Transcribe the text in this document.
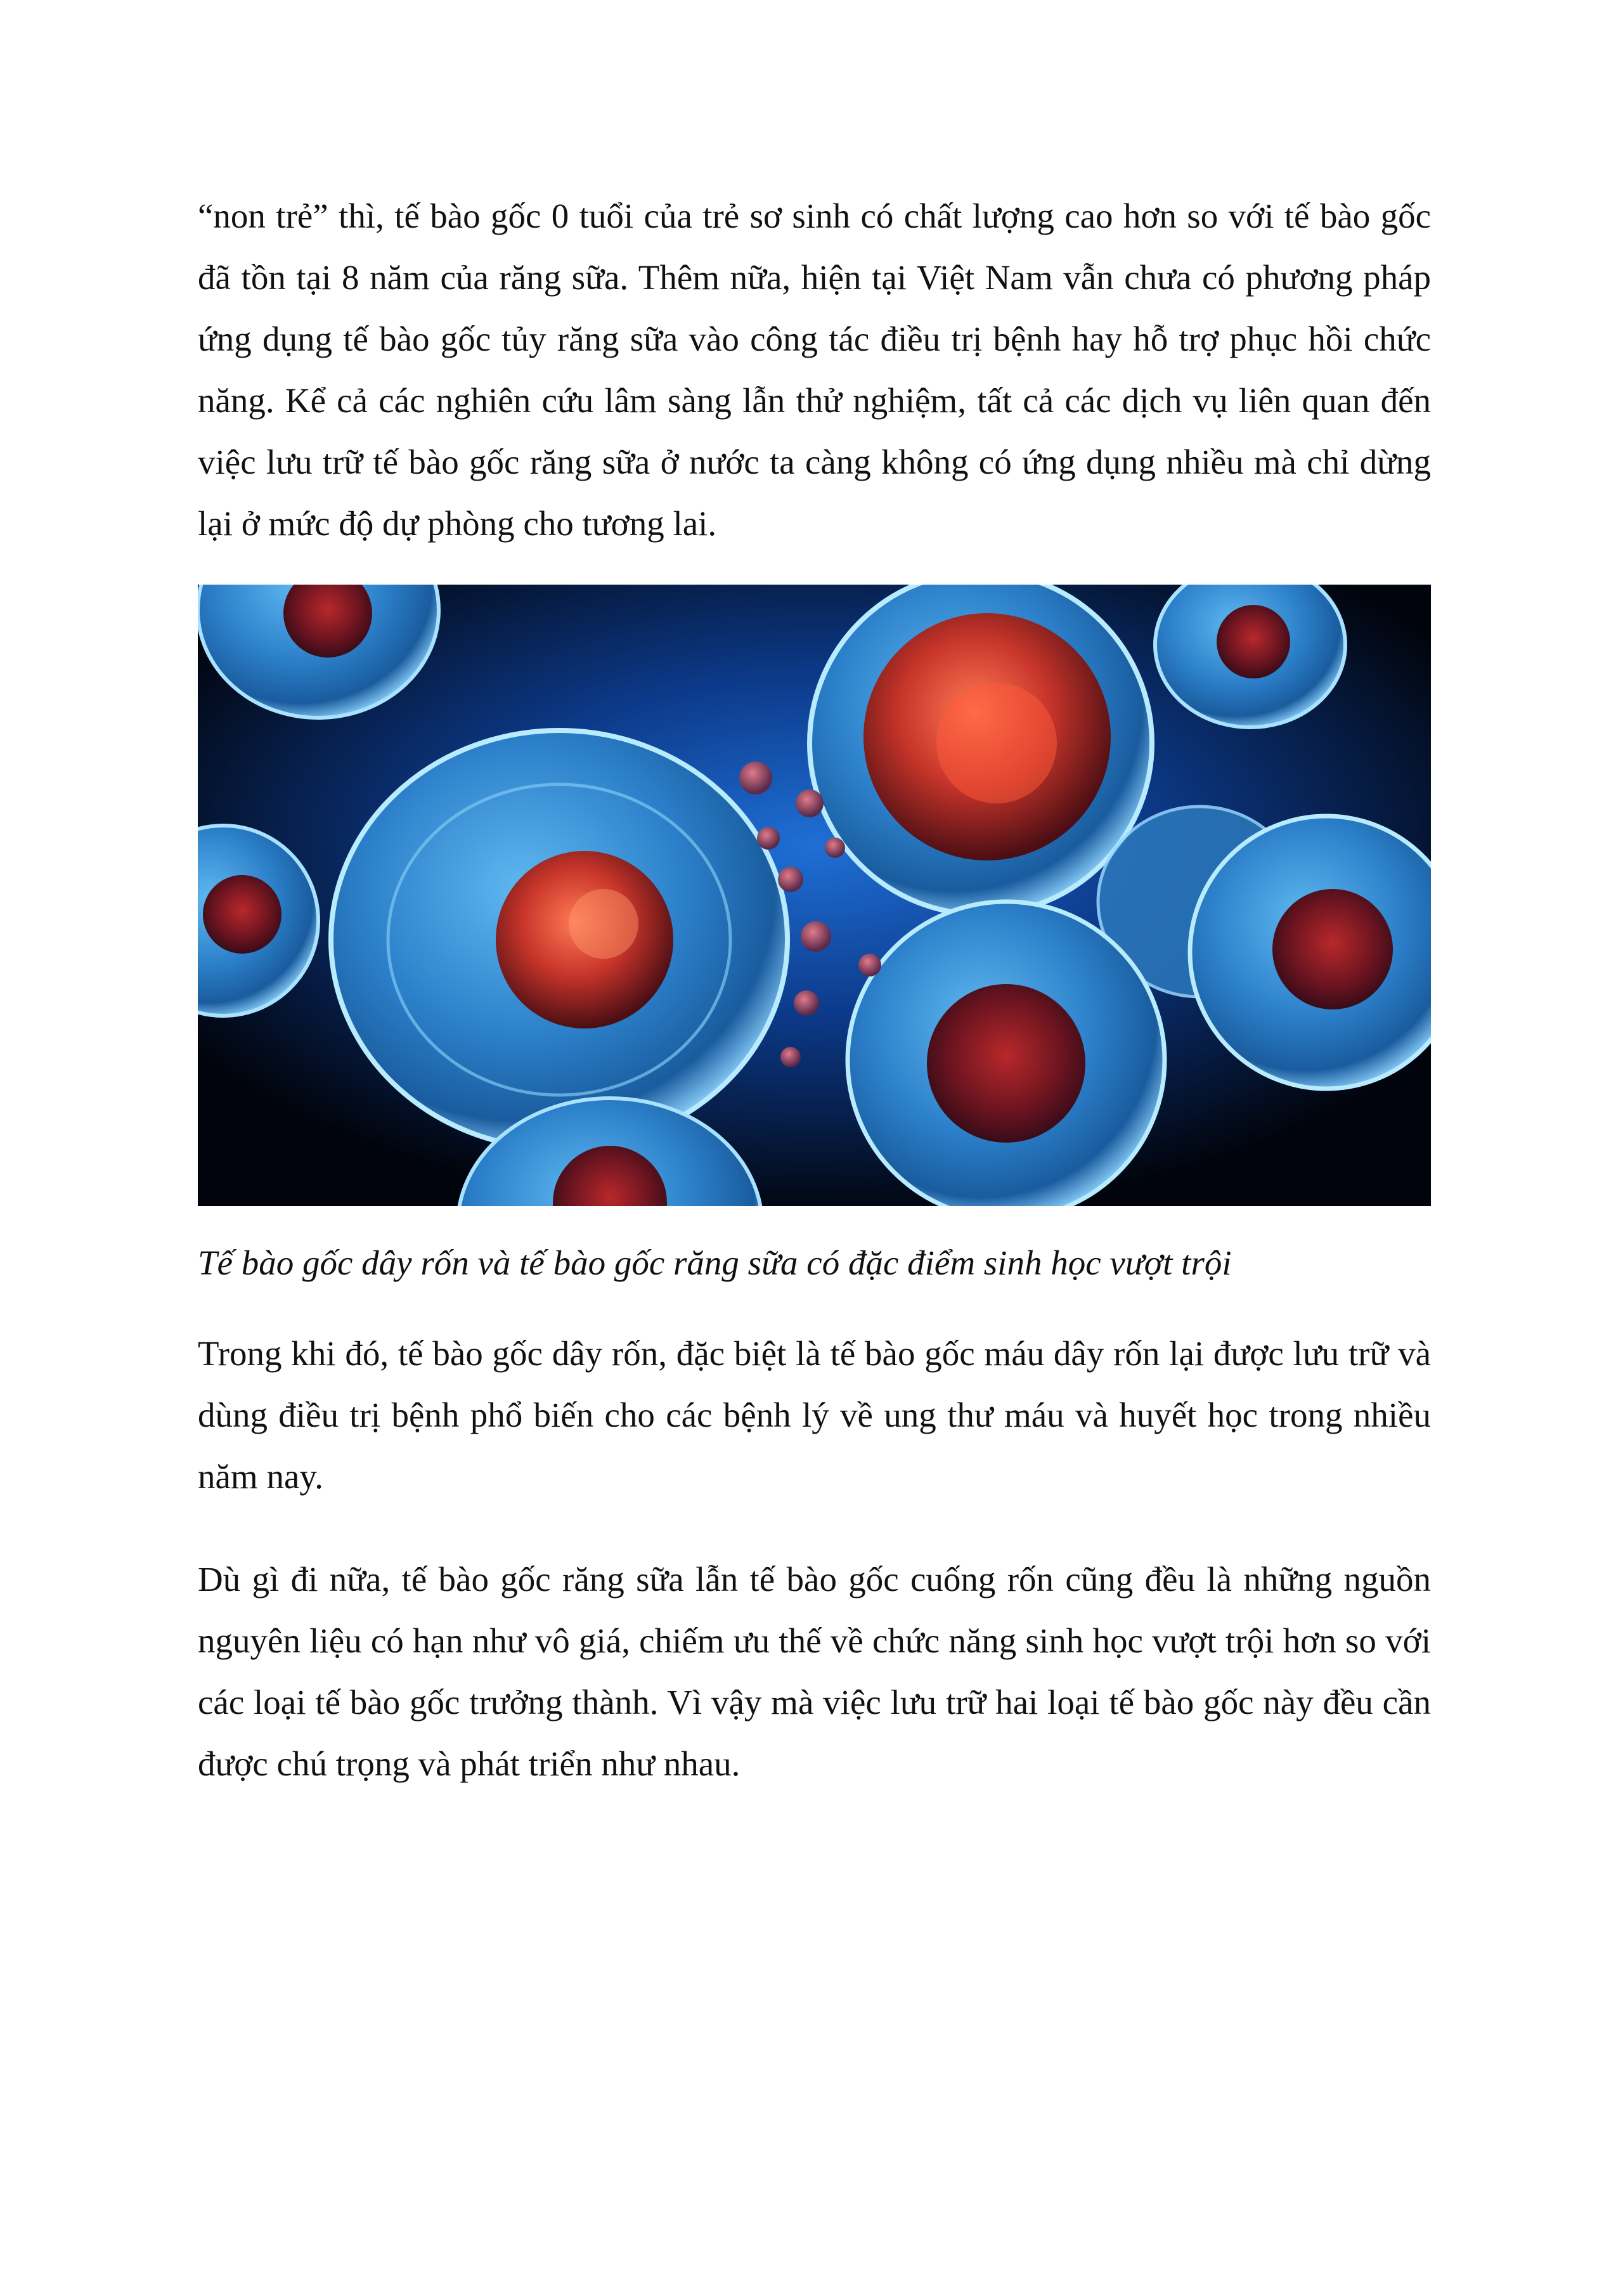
“non trẻ” thì, tế bào gốc 0 tuổi của trẻ sơ sinh có chất lượng cao hơn so với tế bào gốc đã tồn tại 8 năm của răng sữa. Thêm nữa, hiện tại Việt Nam vẫn chưa có phương pháp ứng dụng tế bào gốc tủy răng sữa vào công tác điều trị bệnh hay hỗ trợ phục hồi chức năng. Kể cả các nghiên cứu lâm sàng lẫn thử nghiệm, tất cả các dịch vụ liên quan đến việc lưu trữ tế bào gốc răng sữa ở nước ta càng không có ứng dụng nhiều mà chỉ dừng lại ở mức độ dự phòng cho tương lai.

Tế bào gốc dây rốn và tế bào gốc răng sữa có đặc điểm sinh học vượt trội

Trong khi đó, tế bào gốc dây rốn, đặc biệt là tế bào gốc máu dây rốn lại được lưu trữ và dùng điều trị bệnh phổ biến cho các bệnh lý về ung thư máu và huyết học trong nhiều năm nay.

Dù gì đi nữa, tế bào gốc răng sữa lẫn tế bào gốc cuống rốn cũng đều là những nguồn nguyên liệu có hạn như vô giá, chiếm ưu thế về chức năng sinh học vượt trội hơn so với các loại tế bào gốc trưởng thành. Vì vậy mà việc lưu trữ hai loại tế bào gốc này đều cần được chú trọng và phát triển như nhau.
